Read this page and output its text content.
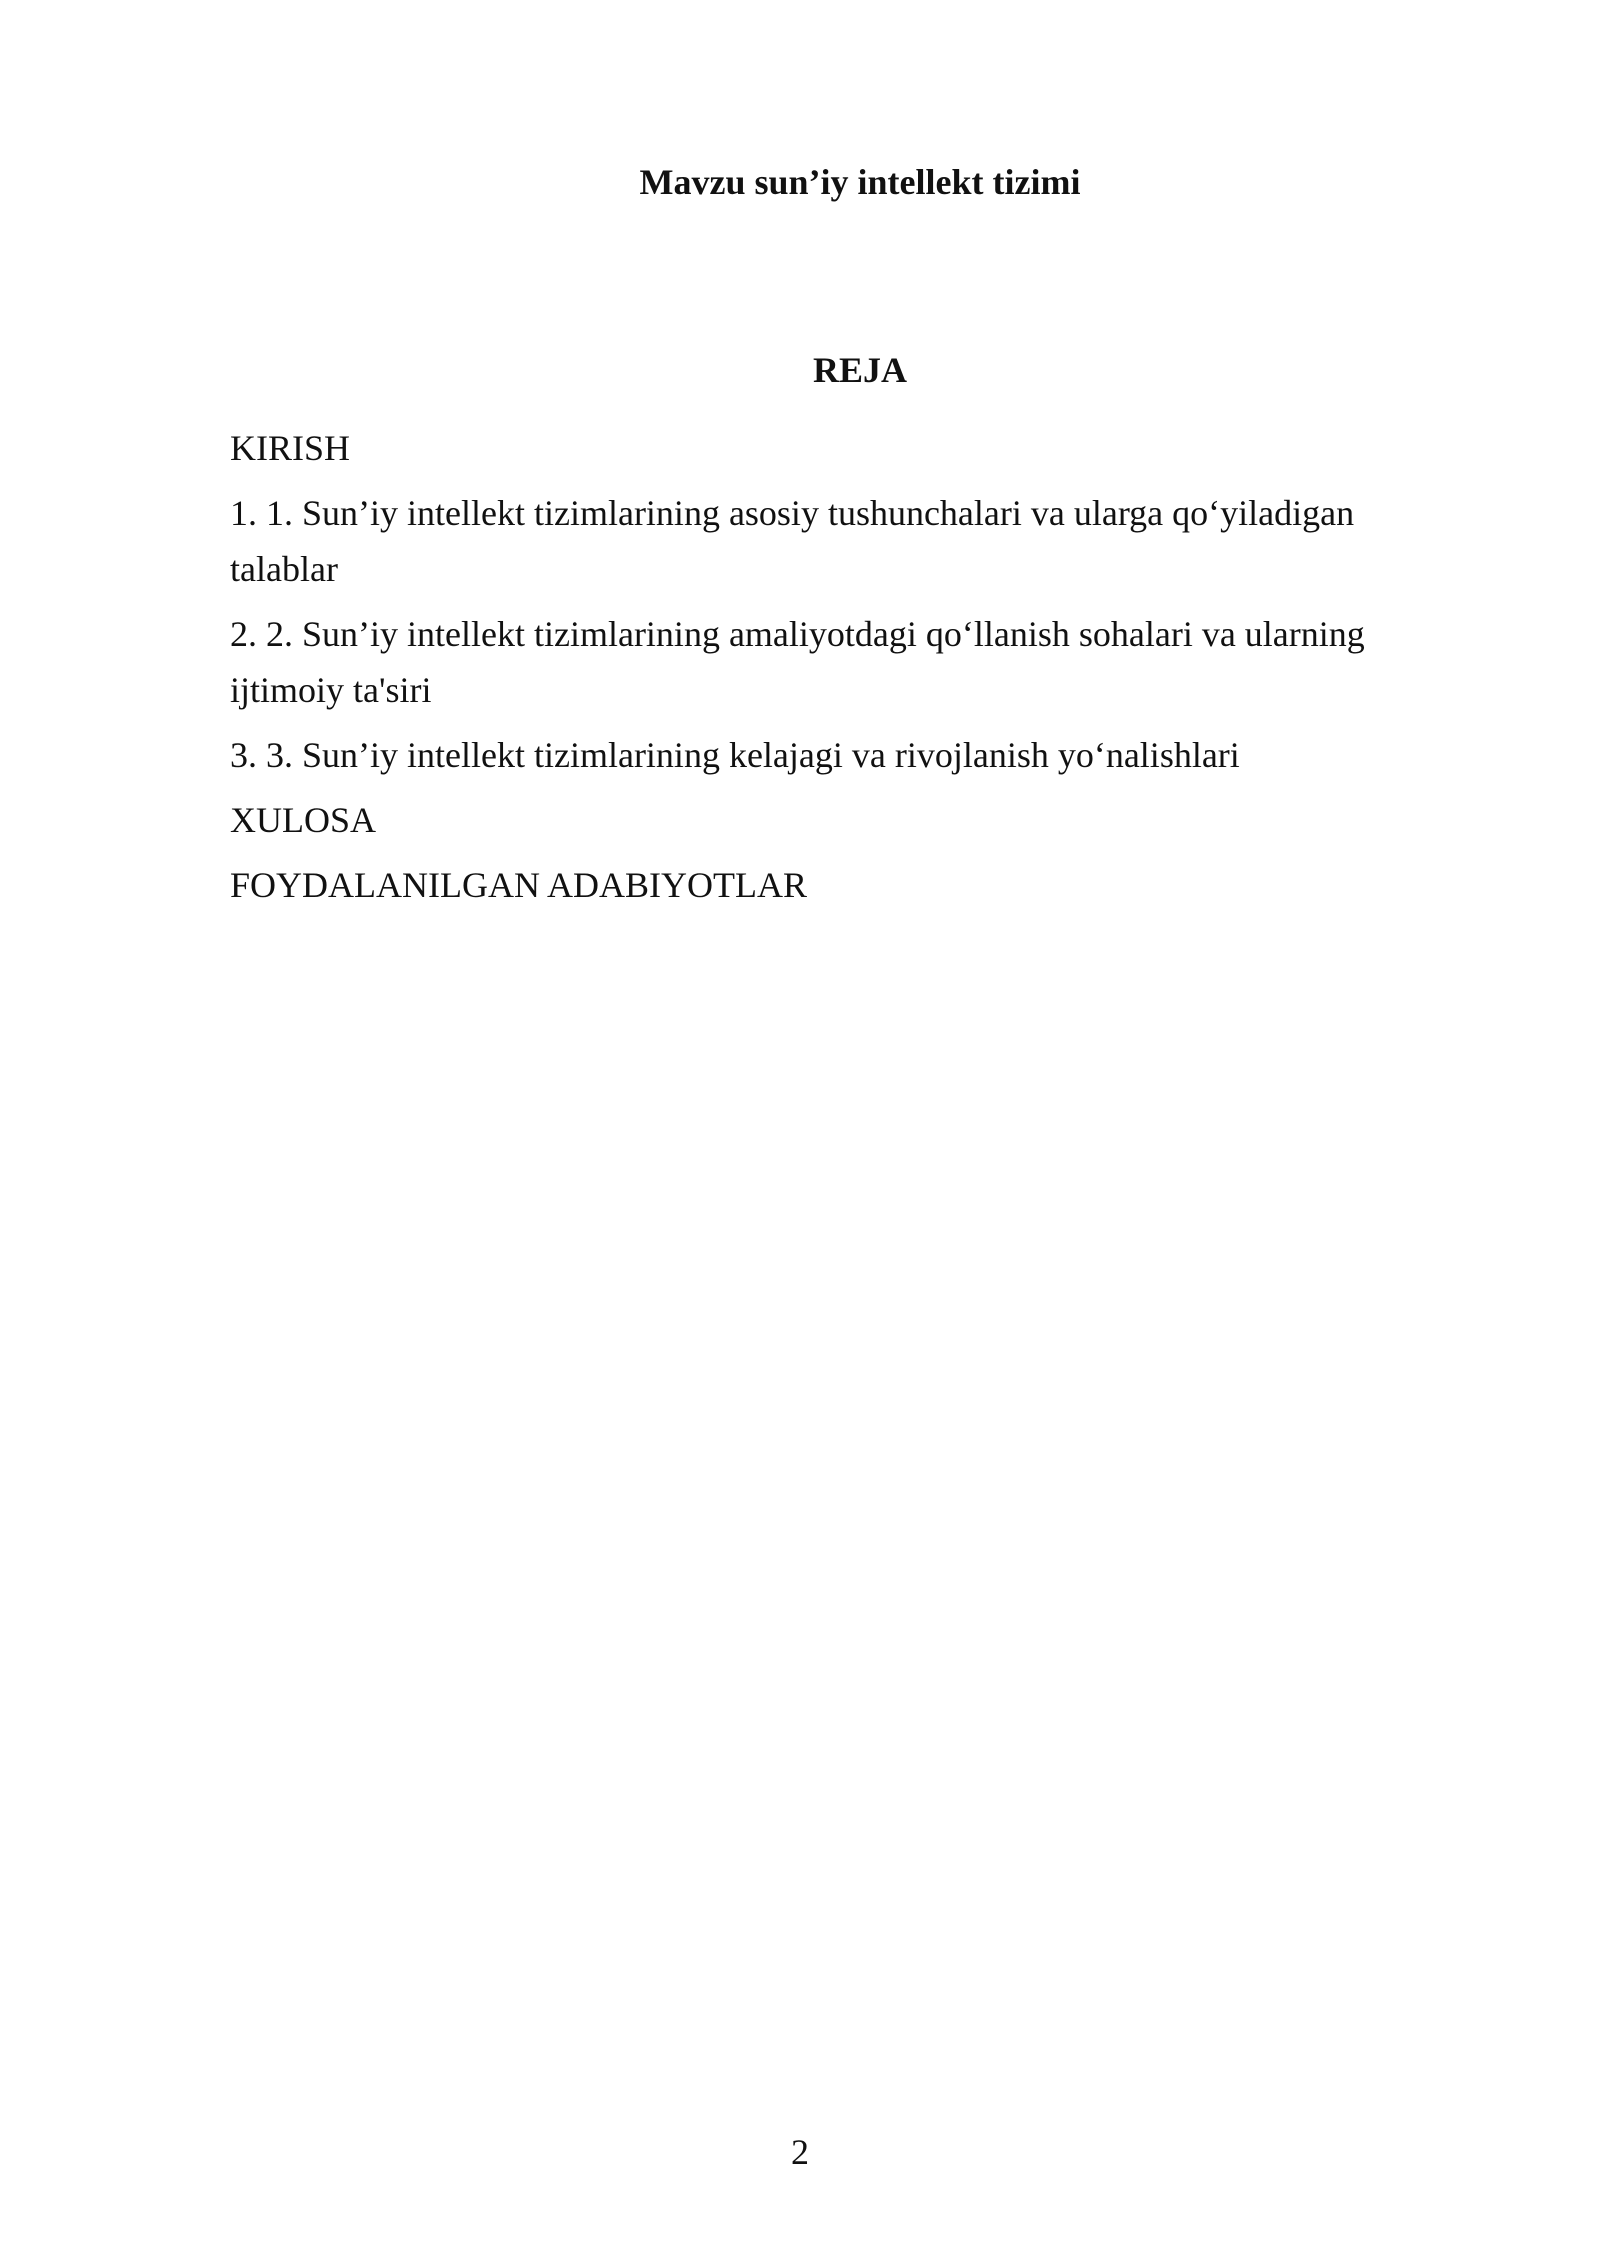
Mavzu sun’iy intellekt tizimi
REJA
KIRISH
1. 1. Sun’iy intellekt tizimlarining asosiy tushunchalari va ularga qo‘yiladigan talablar
2. 2. Sun’iy intellekt tizimlarining amaliyotdagi qo‘llanish sohalari va ularning ijtimoiy ta'siri
3. 3. Sun’iy intellekt tizimlarining kelajagi va rivojlanish yo‘nalishlari
XULOSA
FOYDALANILGAN ADABIYOTLAR
2
